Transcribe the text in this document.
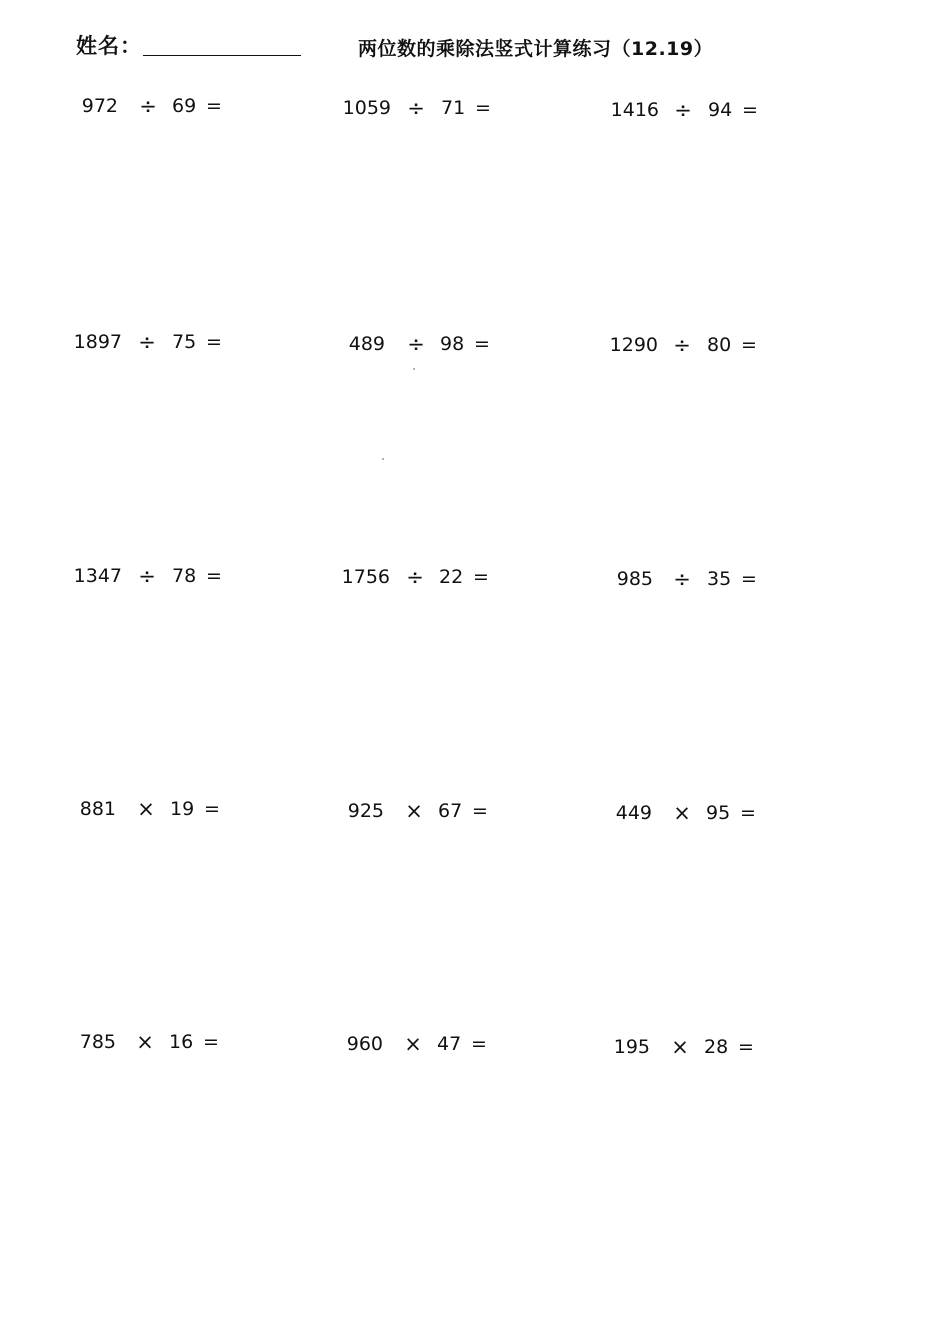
姓名：	两位数的乘除法竖式计算练习（12.19）
972 ÷ 69 =	1059 ÷ 71 =	1416 ÷ 94 =
1897 ÷ 75 =	489 ÷ 98 =	1290 ÷ 80 =
1347 ÷ 78 =	1756 ÷ 22 =	985 ÷ 35 =
881 × 19 =	925 × 67 =	449 × 95 =
785 × 16 =	960 × 47 =	195 × 28 =
